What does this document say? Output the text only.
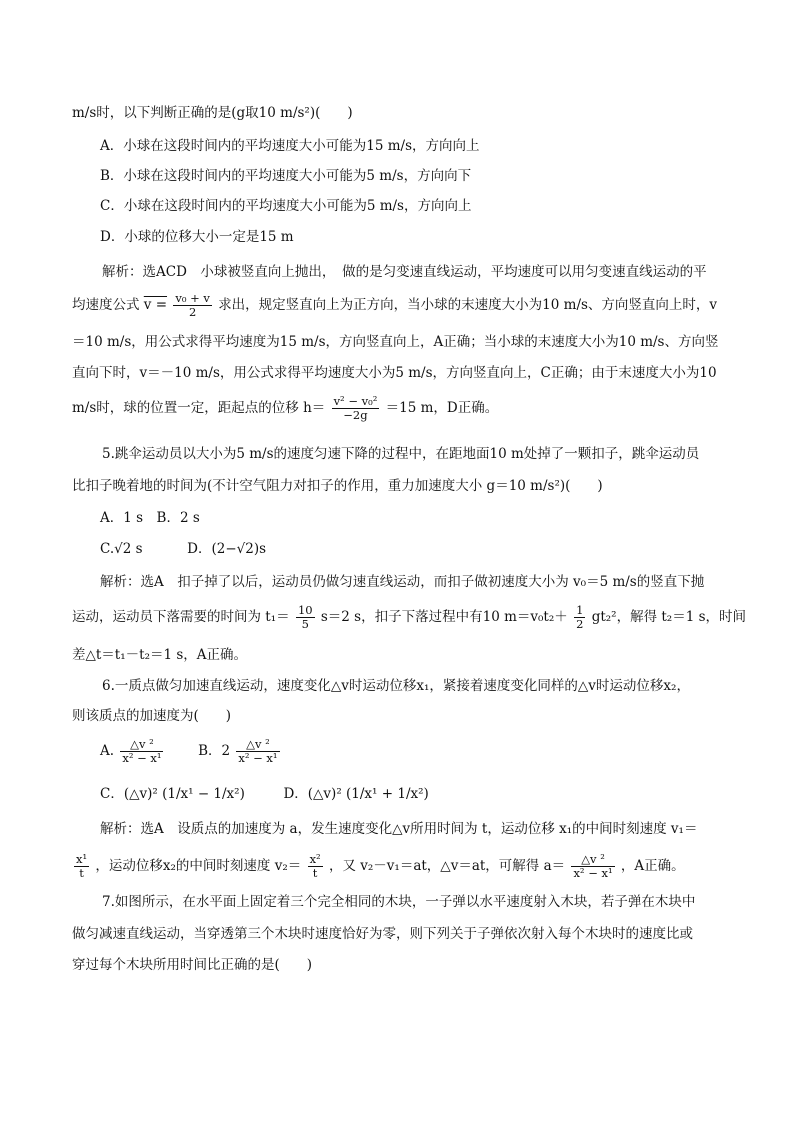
m/s时，以下判断正确的是(g取10 m/s²)(　　)
A．小球在这段时间内的平均速度大小可能为15 m/s，方向向上
B．小球在这段时间内的平均速度大小可能为5 m/s，方向向下
C．小球在这段时间内的平均速度大小可能为5 m/s，方向向上
D．小球的位移大小一定是15 m
解析：选ACD　小球被竖直向上抛出，　做的是匀变速直线运动，平均速度可以用匀变速直线运动的平
均速度公式 $v = \frac{\text{v₀ + v}}{2}$ 求出，规定竖直向上为正方向，当小球的末速度大小为10 m/s、方向竖直向上时，v
＝10 m/s，用公式求得平均速度为15 m/s，方向竖直向上，A正确；当小球的末速度大小为10 m/s、方向竖
直向下时，v＝－10 m/s，用公式求得平均速度大小为5 m/s，方向竖直向上，C正确；由于末速度大小为10
m/s时，球的位置一定，距起点的位移 $h= \frac{\text{v² − v₀²}}{-2g} =15$ m，D正确。
5.跳伞运动员以大小为5 m/s的速度匀速下降的过程中，在距地面10 m处掉了一颗扣子，跳伞运动员
比扣子晚着地的时间为(不计空气阻力对扣子的作用，重力加速度大小 g＝10 m/s²)(　　)
A．1 s　B．2 s
C.√2 s	D．(2−√2)s
解析：选A　扣子掉了以后，运动员仍做匀速直线运动，而扣子做初速度大小为 v₀＝5 m/s的竖直下抛
运动，运动员下落需要的时间为 $t_1= \frac{10}{5} s=2$ s，扣子下落过程中有10 $m=v_0t_2+ \frac{1}{2} gt_2^2$，解得 t₂＝1 s，时间
差△t＝t₁－t₂＝1 s，A正确。
6.一质点做匀加速直线运动，速度变化△v时运动位移x₁，紧接着速度变化同样的△v时运动位移x₂，
则该质点的加速度为(　　)
A. $\frac{\text{△v ²}}{\text{x² − x¹}}$	B．$2 \frac{\text{△v ²}}{\text{x² − x¹}}$
C．(△v)² (1/x¹ − 1/x²)	D．(△v)² (1/x¹ + 1/x²)
解析：选A　设质点的加速度为 a，发生速度变化△v所用时间为 t，运动位移 x₁的中间时刻速度 v₁＝
$\frac{\text{x¹}}{t}$ ，运动位移x₂的中间时刻速度 $v_2= \frac{\text{x²}}{t}$ ，又 v₂－v₁＝at，△v＝at，可解得 $a= \frac{\text{△v ²}}{\text{x² − x¹}}$ ，A正确。
7.如图所示，在水平面上固定着三个完全相同的木块，一子弹以水平速度射入木块，若子弹在木块中
做匀减速直线运动，当穿透第三个木块时速度恰好为零，则下列关于子弹依次射入每个木块时的速度比或
穿过每个木块所用时间比正确的是(　　)
